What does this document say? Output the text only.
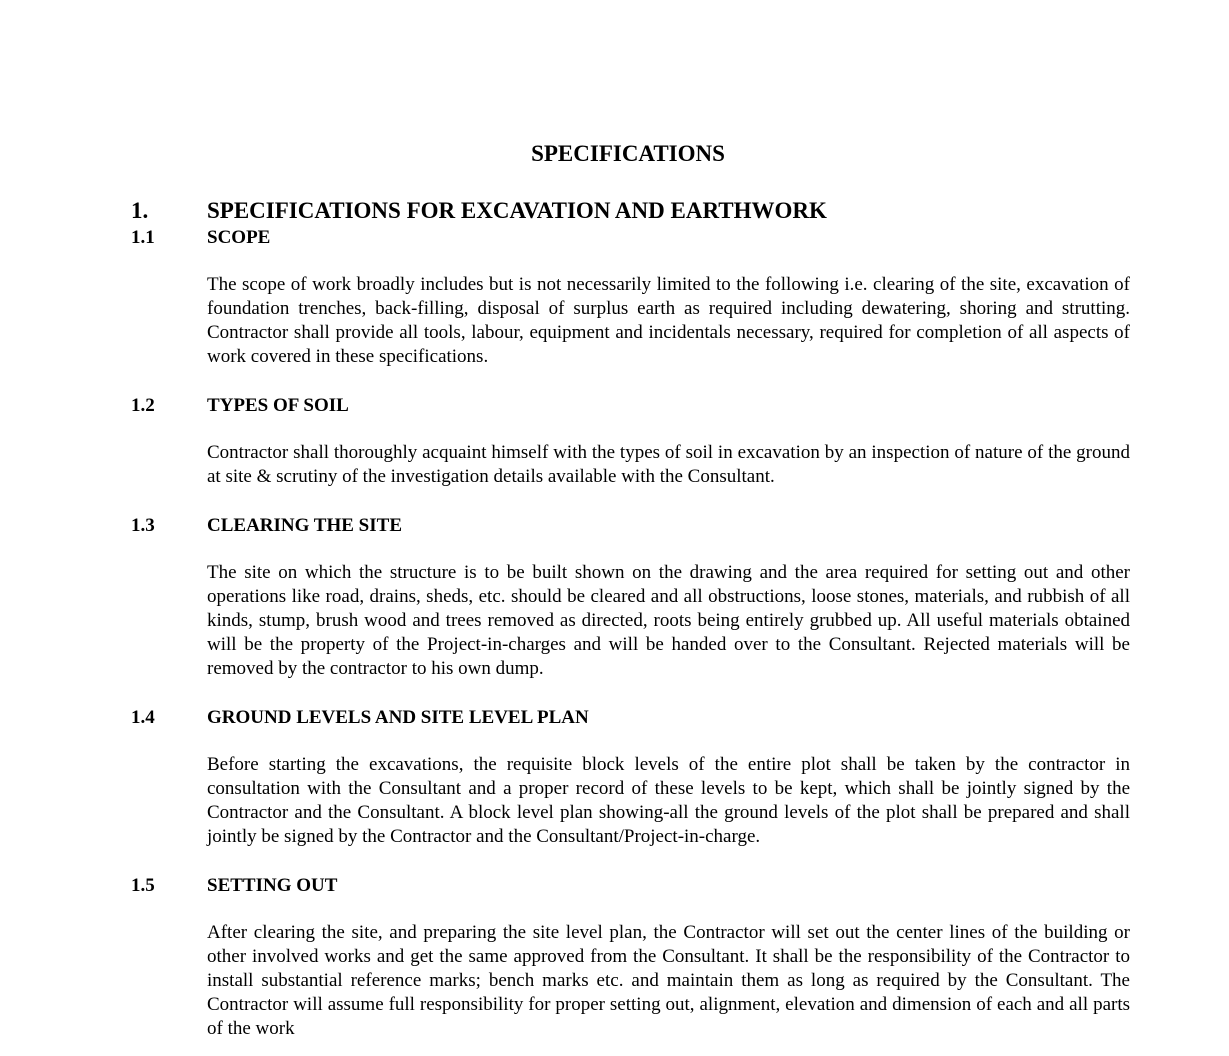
SPECIFICATIONS
1.	SPECIFICATIONS FOR EXCAVATION AND EARTHWORK
1.1	SCOPE

The scope of work broadly includes but is not necessarily limited to the following i.e. clearing of the site, excavation of foundation trenches, back-filling, disposal of surplus earth as required including dewatering, shoring and strutting. Contractor shall provide all tools, labour, equipment and incidentals necessary, required for completion of all aspects of work covered in these specifications.

1.2	TYPES OF SOIL

Contractor shall thoroughly acquaint himself with the types of soil in excavation by an inspection of nature of the ground at site & scrutiny of the investigation details available with the Consultant.

1.3	CLEARING THE SITE

The site on which the structure is to be built shown on the drawing and the area required for setting out and other operations like road, drains, sheds, etc. should be cleared and all obstructions, loose stones, materials, and rubbish of all kinds, stump, brush wood and trees removed as directed, roots being entirely grubbed up. All useful materials obtained will be the property of the Project-in-charges and will be handed over to the Consultant. Rejected materials will be removed by the contractor to his own dump.

1.4	GROUND LEVELS AND SITE LEVEL PLAN

Before starting the excavations, the requisite block levels of the entire plot shall be taken by the contractor in consultation with the Consultant and a proper record of these levels to be kept, which shall be jointly signed by the Contractor and the Consultant. A block level plan showing-all the ground levels of the plot shall be prepared and shall jointly be signed by the Contractor and the Consultant/Project-in-charge.

1.5	SETTING OUT

After clearing the site, and preparing the site level plan, the Contractor will set out the center lines of the building or other involved works and get the same approved from the Consultant. It shall be the responsibility of the Contractor to install substantial reference marks; bench marks etc. and maintain them as long as required by the Consultant. The Contractor will assume full responsibility for proper setting out, alignment, elevation and dimension of each and all parts of the work
